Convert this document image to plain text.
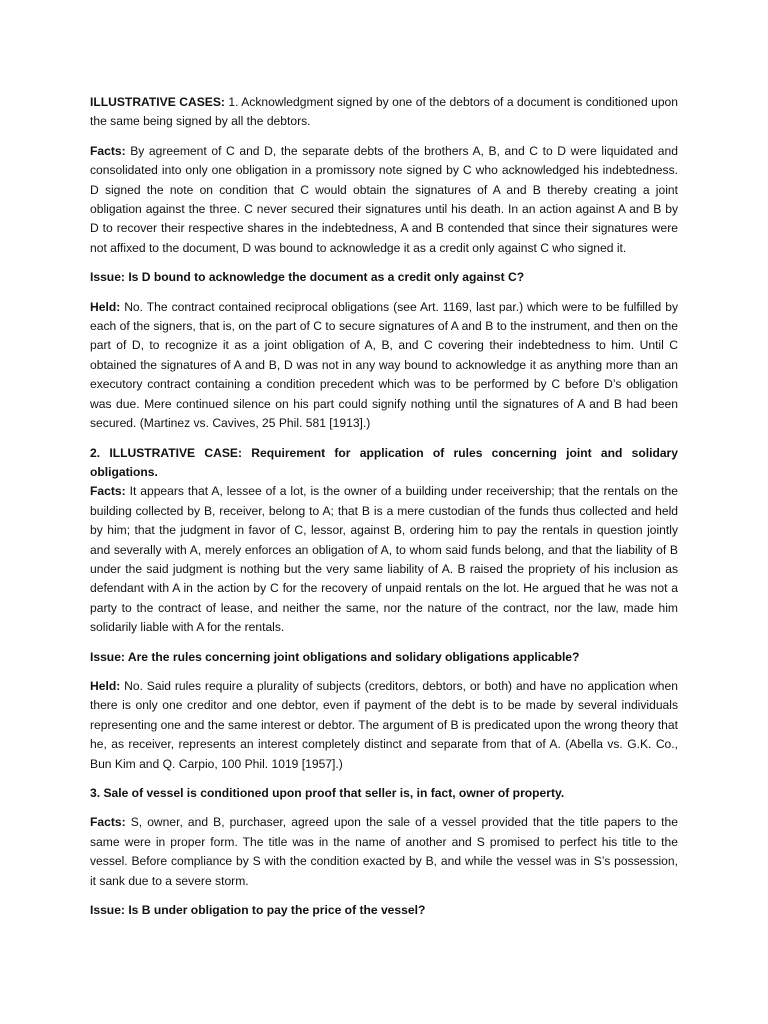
ILLUSTRATIVE CASES: 1. Acknowledgment signed by one of the debtors of a document is conditioned upon the same being signed by all the debtors.

Facts: By agreement of C and D, the separate debts of the brothers A, B, and C to D were liquidated and consolidated into only one obligation in a promissory note signed by C who acknowledged his indebtedness. D signed the note on condition that C would obtain the signatures of A and B thereby creating a joint obligation against the three. C never secured their signatures until his death. In an action against A and B by D to recover their respective shares in the indebtedness, A and B contended that since their signatures were not affixed to the document, D was bound to acknowledge it as a credit only against C who signed it.

Issue: Is D bound to acknowledge the document as a credit only against C?

Held: No. The contract contained reciprocal obligations (see Art. 1169, last par.) which were to be fulfilled by each of the signers, that is, on the part of C to secure signatures of A and B to the instrument, and then on the part of D, to recognize it as a joint obligation of A, B, and C covering their indebtedness to him. Until C obtained the signatures of A and B, D was not in any way bound to acknowledge it as anything more than an executory contract containing a condition precedent which was to be performed by C before D’s obligation was due. Mere continued silence on his part could signify nothing until the signatures of A and B had been secured. (Martinez vs. Cavives, 25 Phil. 581 [1913].)

2. ILLUSTRATIVE CASE: Requirement for application of rules concerning joint and solidary obligations.

Facts: It appears that A, lessee of a lot, is the owner of a building under receivership; that the rentals on the building collected by B, receiver, belong to A; that B is a mere custodian of the funds thus collected and held by him; that the judgment in favor of C, lessor, against B, ordering him to pay the rentals in question jointly and severally with A, merely enforces an obligation of A, to whom said funds belong, and that the liability of B under the said judgment is nothing but the very same liability of A. B raised the propriety of his inclusion as defendant with A in the action by C for the recovery of unpaid rentals on the lot. He argued that he was not a party to the contract of lease, and neither the same, nor the nature of the contract, nor the law, made him solidarily liable with A for the rentals.

Issue: Are the rules concerning joint obligations and solidary obligations applicable?

Held: No. Said rules require a plurality of subjects (creditors, debtors, or both) and have no application when there is only one creditor and one debtor, even if payment of the debt is to be made by several individuals representing one and the same interest or debtor. The argument of B is predicated upon the wrong theory that he, as receiver, represents an interest completely distinct and separate from that of A. (Abella vs. G.K. Co., Bun Kim and Q. Carpio, 100 Phil. 1019 [1957].)

3. Sale of vessel is conditioned upon proof that seller is, in fact, owner of property.

Facts: S, owner, and B, purchaser, agreed upon the sale of a vessel provided that the title papers to the same were in proper form. The title was in the name of another and S promised to perfect his title to the vessel. Before compliance by S with the condition exacted by B, and while the vessel was in S’s possession, it sank due to a severe storm.

Issue: Is B under obligation to pay the price of the vessel?
